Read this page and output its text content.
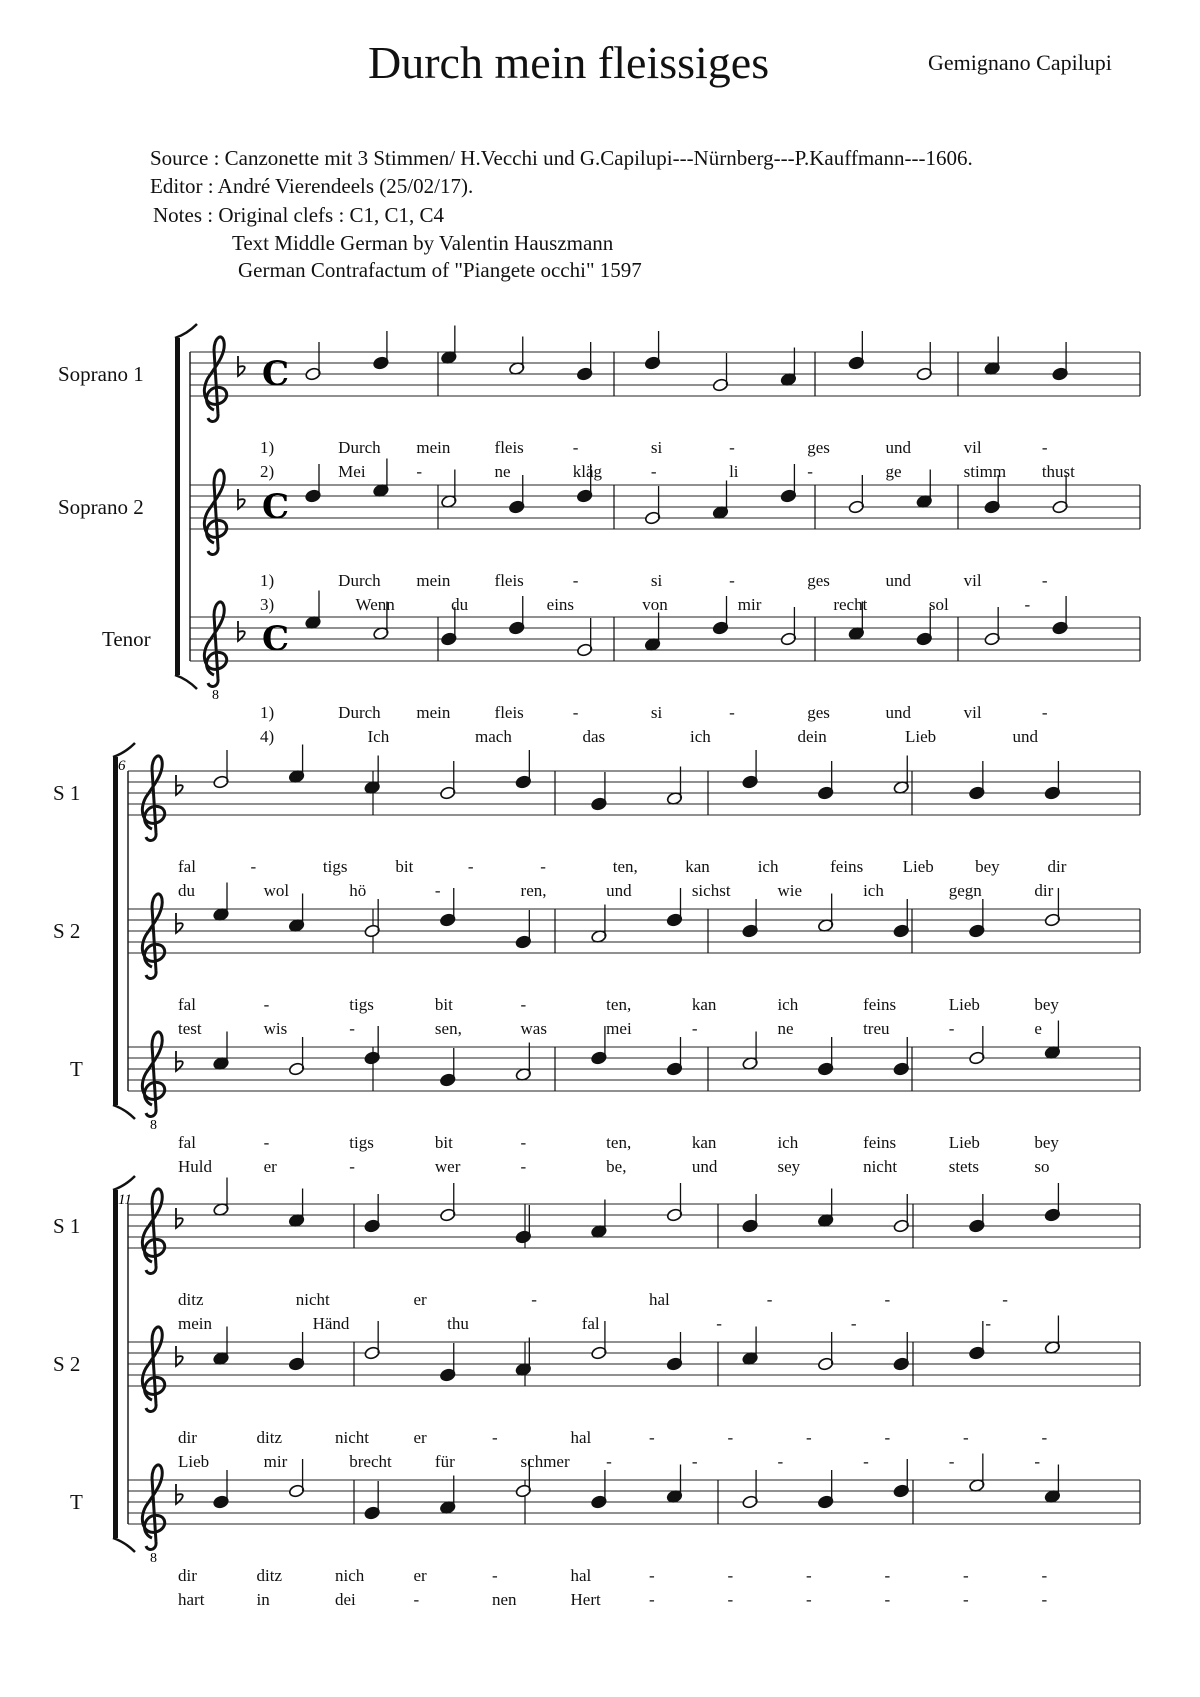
Durch mein fleissiges	Gemignano Capilupi
Source : Canzonette mit 3 Stimmen/ H.Vecchi und G.Capilupi---Nürnberg---P.Kauffmann---1606.
Editor : André Vierendeels (25/02/17).
Notes : Original clefs : C1, C1, C4
Text Middle German by Valentin Hauszmann
German Contrafactum of "Piangete occhi" 1597
C
C
8
C
6
8
11
8
Soprano 1
Soprano 2
Tenor
S 1
S 2
T
S 1
S 2
T
1)	Durch mein	fleis	-	si	-	ges	und	vil	-
2)	Mei	-	ne	kläg	-	li	-	ge	stimm thust
1)	Durch mein	fleis	-	si	-	ges	und	vil	-
3)	Wenn	du	eins	von	mir	recht	sol	-
1)	Durch mein	fleis	-	si	-	ges	und	vil	-
4)	Ich	mach	das	ich	dein	Lieb	und
fal	-	tigs	bit	-	-	ten,	kan	ich	feins Lieb bey	dir
du	wol	hö	-	ren,	und	sichst	wie	ich	gegn	dir
fal	-	tigs	bit	-	ten,	kan	ich	feins	Lieb	bey
test	wis	-	sen,	was	mei	-	ne	treu	-	e
fal	-	tigs	bit	-	ten,	kan	ich	feins	Lieb	bey
Huld	er	-	wer	-	be,	und	sey	nicht	stets	so
ditz	nicht	er	-	hal	-	-	-
mein	Händ	thu	fal	-	-	-
dir	ditz	nicht	er	-	hal	-	-	-	-	-	-
Lieb	mir	brecht	für	schmer -	-	-	-	-	-
dir	ditz	nich	er	-	hal	-	-	-	-	-	-
hart	in	dei	-	nen	Hert	-	-	-	-	-	-
